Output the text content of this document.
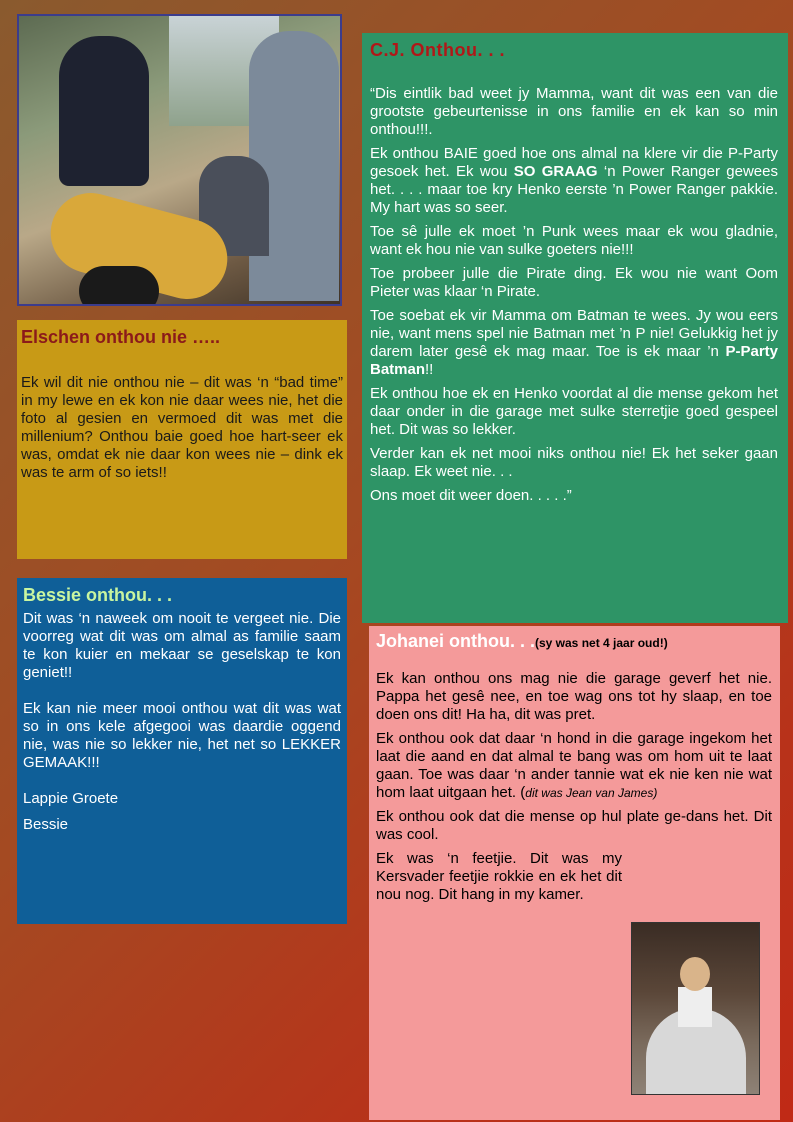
C.J. Onthou. . .

“Dis eintlik bad weet jy Mamma, want dit was een van die grootste gebeurtenisse in ons familie en ek kan so min onthou!!!.

Ek onthou BAIE goed hoe ons almal na klere vir die P-Party gesoek het. Ek wou SO GRAAG ‘n Power Ranger gewees het. . . . maar toe kry Henko eerste ’n Power Ranger pakkie. My hart was so seer.

Toe sê julle ek moet ’n Punk wees maar ek wou gladnie, want ek hou nie van sulke goeters nie!!!

Toe probeer julle die Pirate ding. Ek wou nie want Oom Pieter was klaar ‘n Pirate.

Toe soebat ek vir Mamma om Batman te wees. Jy wou eers nie, want mens spel nie Batman met ’n P nie! Gelukkig het jy darem later gesê ek mag maar. Toe is ek maar ’n P-Party Batman!!

Ek onthou hoe ek en Henko voordat al die mense gekom het daar onder in die garage met sulke sterretjie goed gespeel het. Dit was so lekker.

Verder kan ek net mooi niks onthou nie! Ek het seker gaan slaap. Ek weet nie. . .

Ons moet dit weer doen. . . . .”

Elschen onthou nie …..

Ek wil dit nie onthou nie – dit was ‘n “bad time” in my lewe en ek kon nie daar wees nie, het die foto al gesien en vermoed dit was met die millenium? Onthou baie goed hoe hart-seer ek was, omdat ek nie daar kon wees nie – dink ek was te arm of so iets!!

Bessie onthou. . .

Dit was ‘n naweek om nooit te vergeet nie. Die voorreg wat dit was om almal as familie saam te kon kuier en mekaar se geselskap te kon geniet!!

Ek kan nie meer mooi onthou wat dit was wat so in ons kele afgegooi was daardie oggend nie, was nie so lekker nie, het net so LEKKER GEMAAK!!!

Lappie Groete

Bessie

Johanei onthou. . .(sy was net 4 jaar oud!)

Ek kan onthou ons mag nie die garage geverf het nie. Pappa het gesê nee, en toe wag ons tot hy slaap, en toe doen ons dit! Ha ha, dit was pret.

Ek onthou ook dat daar ‘n hond in die garage ingekom het laat die aand en dat almal te bang was om hom uit te laat gaan. Toe was daar ‘n ander tannie wat ek nie ken nie wat hom laat uitgaan het. (dit was Jean van James)

Ek onthou ook dat die mense op hul plate ge-dans het. Dit was cool.

Ek was ‘n feetjie. Dit was my Kersvader feetjie rokkie en ek het dit nou nog. Dit hang in my kamer.
